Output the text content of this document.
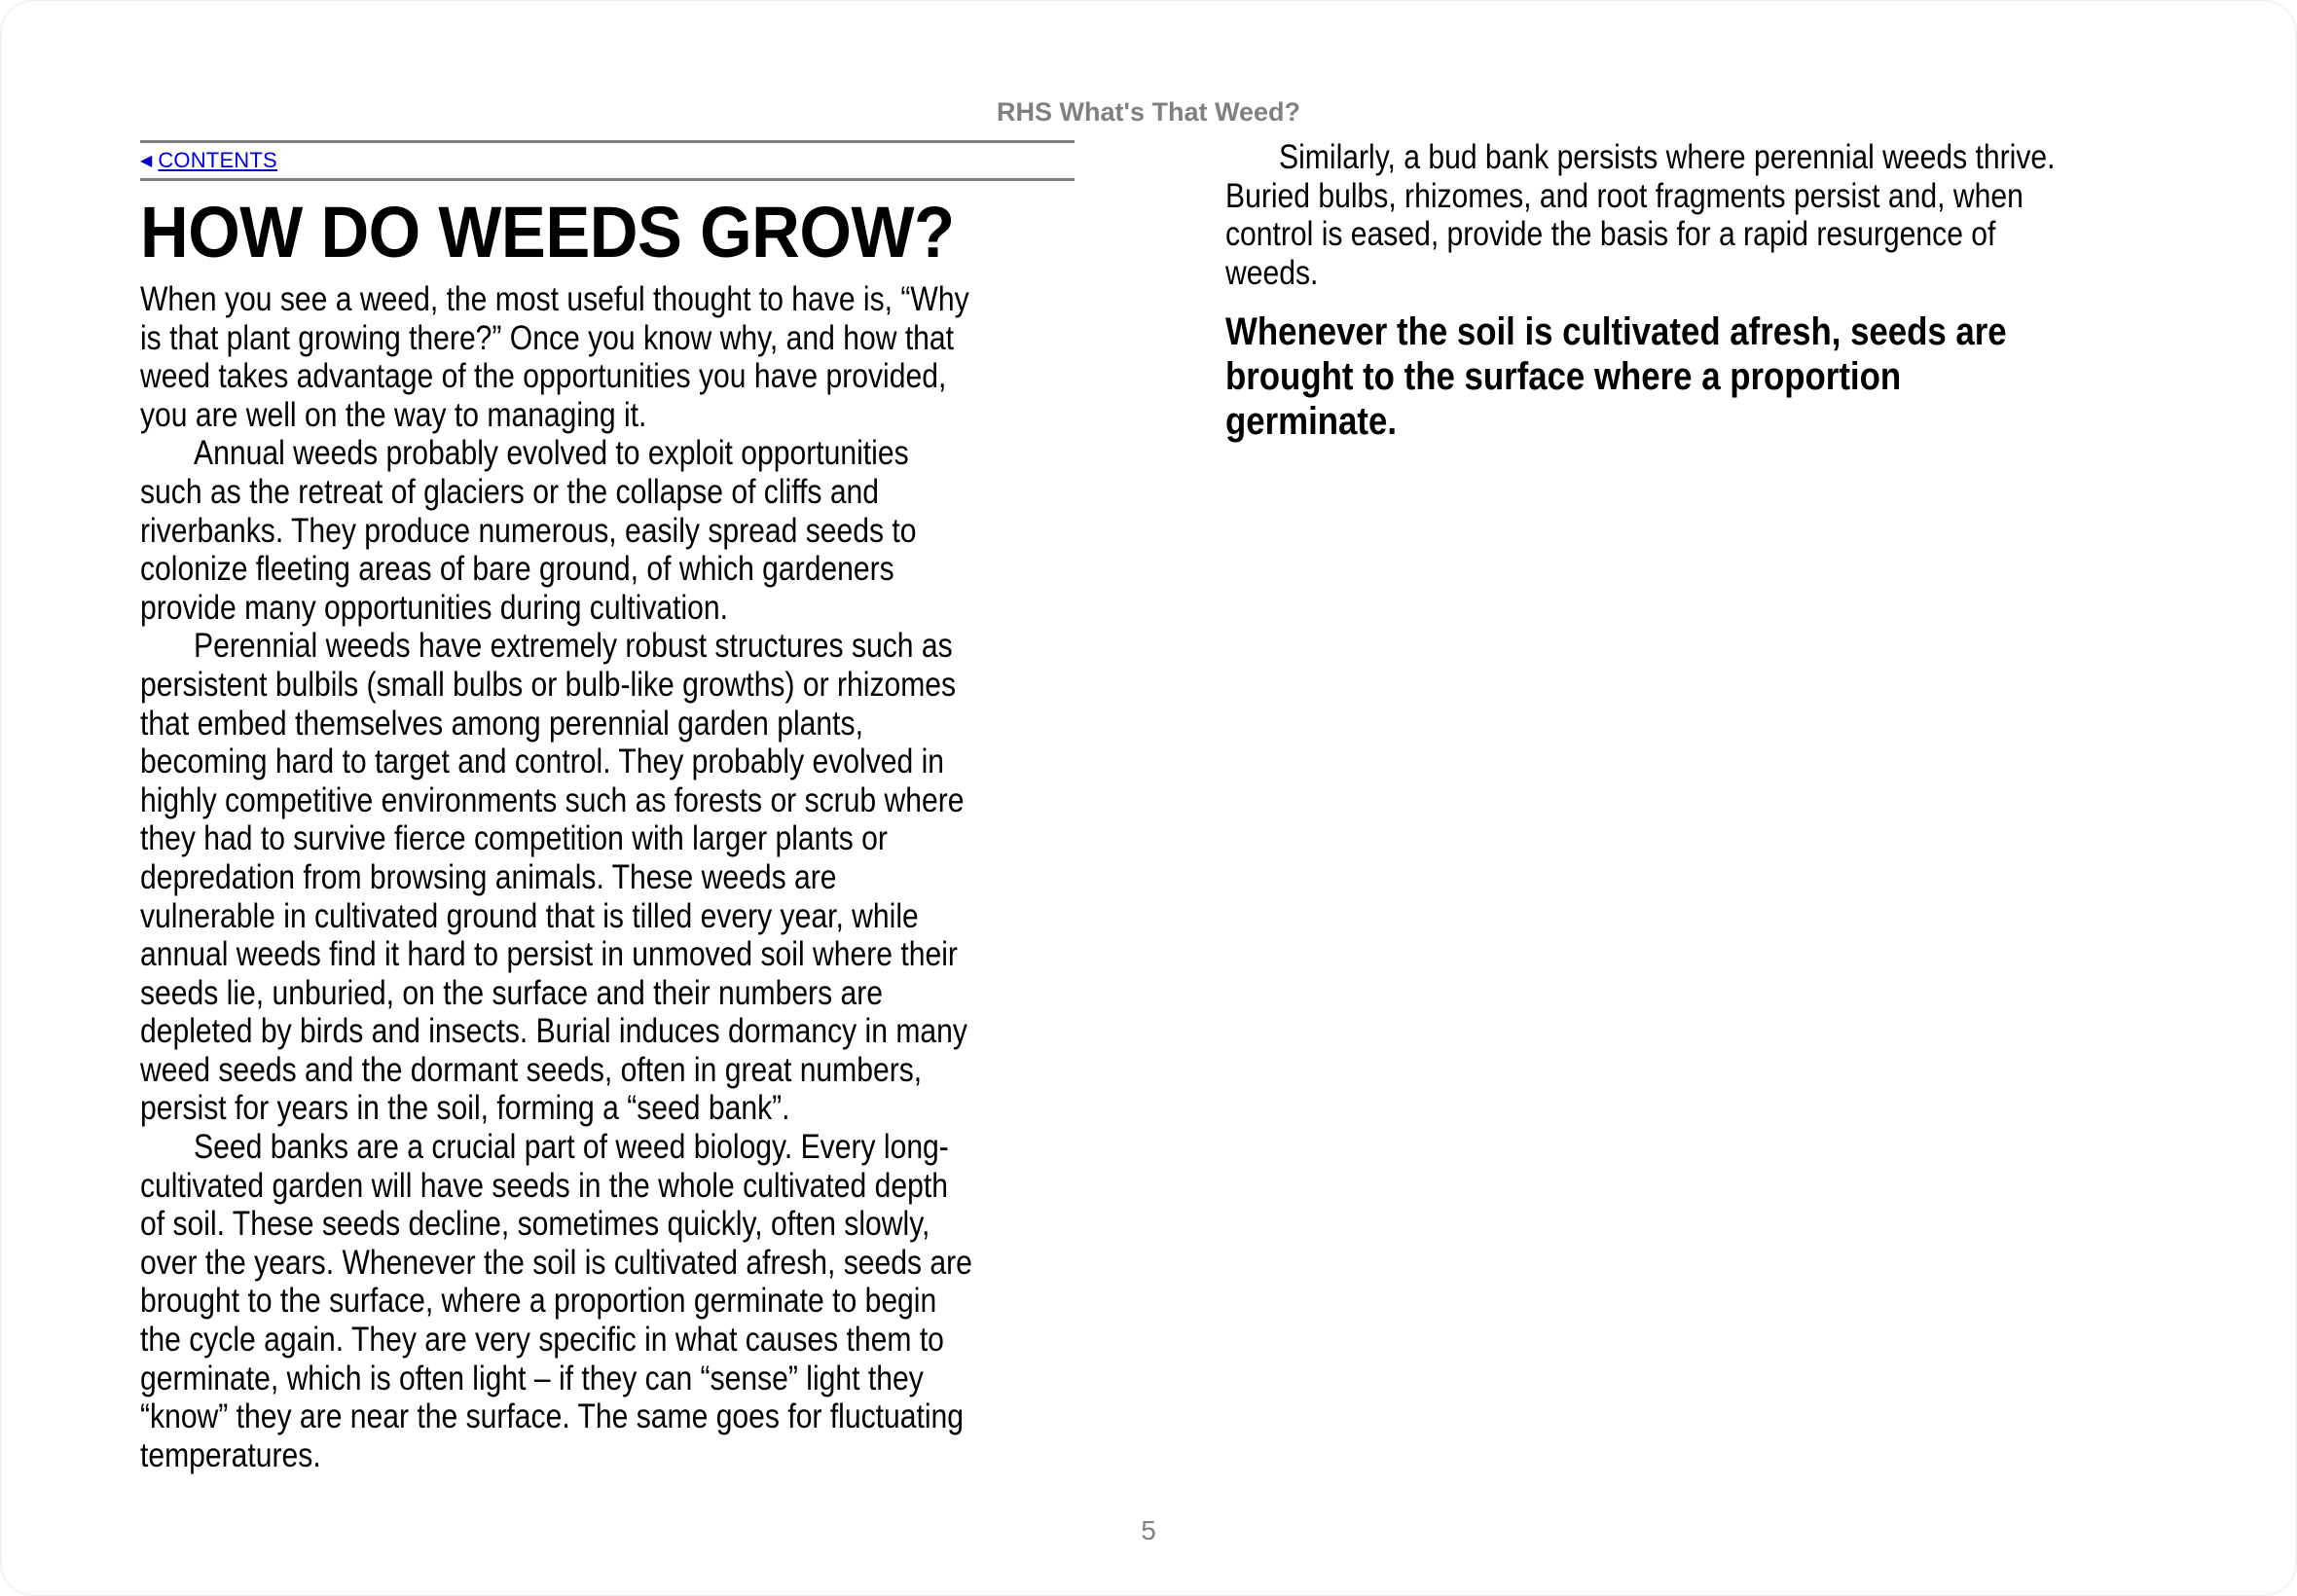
RHS What's That Weed?
◀ CONTENTS
HOW DO WEEDS GROW?
When you see a weed, the most useful thought to have is, “Why
is that plant growing there?” Once you know why, and how that
weed takes advantage of the opportunities you have provided,
you are well on the way to managing it.
Annual weeds probably evolved to exploit opportunities
such as the retreat of glaciers or the collapse of cliffs and
riverbanks. They produce numerous, easily spread seeds to
colonize fleeting areas of bare ground, of which gardeners
provide many opportunities during cultivation.
Perennial weeds have extremely robust structures such as
persistent bulbils (small bulbs or bulb-like growths) or rhizomes
that embed themselves among perennial garden plants,
becoming hard to target and control. They probably evolved in
highly competitive environments such as forests or scrub where
they had to survive fierce competition with larger plants or
depredation from browsing animals. These weeds are
vulnerable in cultivated ground that is tilled every year, while
annual weeds find it hard to persist in unmoved soil where their
seeds lie, unburied, on the surface and their numbers are
depleted by birds and insects. Burial induces dormancy in many
weed seeds and the dormant seeds, often in great numbers,
persist for years in the soil, forming a “seed bank”.
Seed banks are a crucial part of weed biology. Every long-
cultivated garden will have seeds in the whole cultivated depth
of soil. These seeds decline, sometimes quickly, often slowly,
over the years. Whenever the soil is cultivated afresh, seeds are
brought to the surface, where a proportion germinate to begin
the cycle again. They are very specific in what causes them to
germinate, which is often light – if they can “sense” light they
“know” they are near the surface. The same goes for fluctuating
temperatures.
Similarly, a bud bank persists where perennial weeds thrive.
Buried bulbs, rhizomes, and root fragments persist and, when
control is eased, provide the basis for a rapid resurgence of
weeds.
Whenever the soil is cultivated afresh, seeds are
brought to the surface where a proportion
germinate.
5
